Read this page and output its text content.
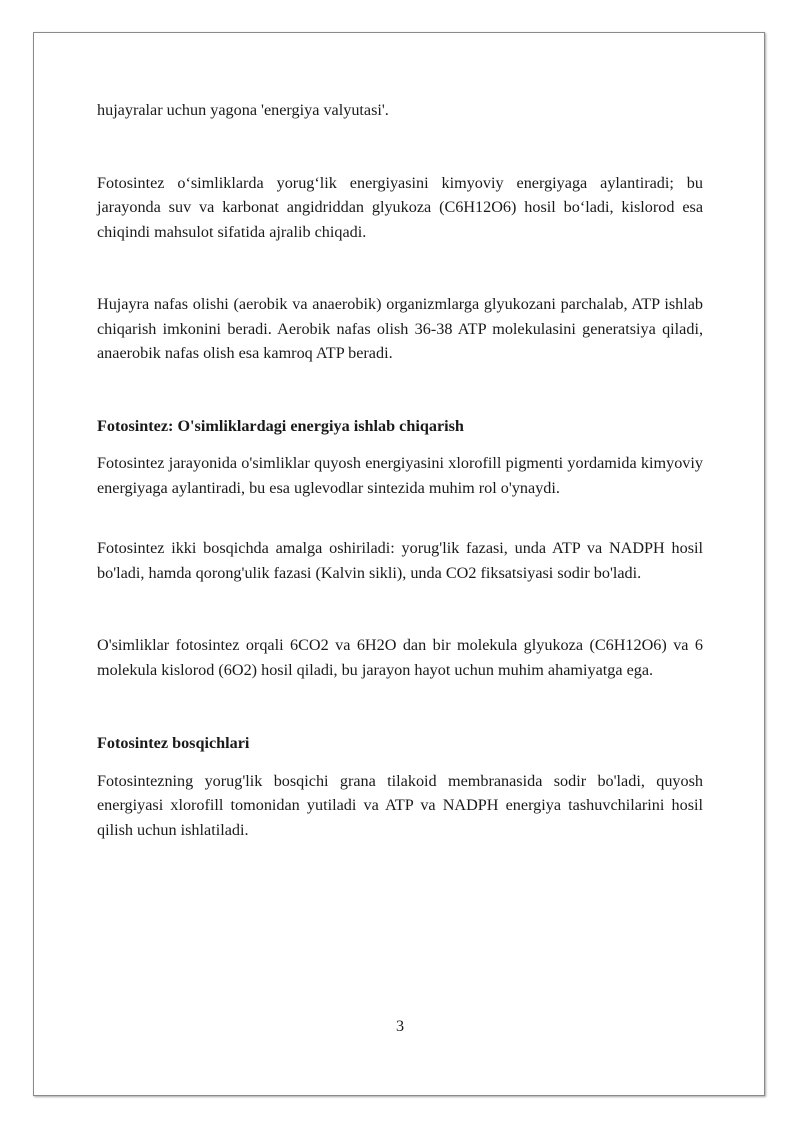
hujayralar uchun yagona 'energiya valyutasi'.

Fotosintez o‘simliklarda yorug‘lik energiyasini kimyoviy energiyaga aylantiradi; bu jarayonda suv va karbonat angidriddan glyukoza (C6H12O6) hosil bo‘ladi, kislorod esa chiqindi mahsulot sifatida ajralib chiqadi.

Hujayra nafas olishi (aerobik va anaerobik) organizmlarga glyukozani parchalab, ATP ishlab chiqarish imkonini beradi. Aerobik nafas olish 36-38 ATP molekulasini generatsiya qiladi, anaerobik nafas olish esa kamroq ATP beradi.

Fotosintez: O'simliklardagi energiya ishlab chiqarish

Fotosintez jarayonida o'simliklar quyosh energiyasini xlorofill pigmenti yordamida kimyoviy energiyaga aylantiradi, bu esa uglevodlar sintezida muhim rol o'ynaydi.

Fotosintez ikki bosqichda amalga oshiriladi: yorug'lik fazasi, unda ATP va NADPH hosil bo'ladi, hamda qorong'ulik fazasi (Kalvin sikli), unda CO2 fiksatsiyasi sodir bo'ladi.

O'simliklar fotosintez orqali 6CO2 va 6H2O dan bir molekula glyukoza (C6H12O6) va 6 molekula kislorod (6O2) hosil qiladi, bu jarayon hayot uchun muhim ahamiyatga ega.

Fotosintez bosqichlari

Fotosintezning yorug'lik bosqichi grana tilakoid membranasida sodir bo'ladi, quyosh energiyasi xlorofill tomonidan yutiladi va ATP va NADPH energiya tashuvchilarini hosil qilish uchun ishlatiladi.

3
